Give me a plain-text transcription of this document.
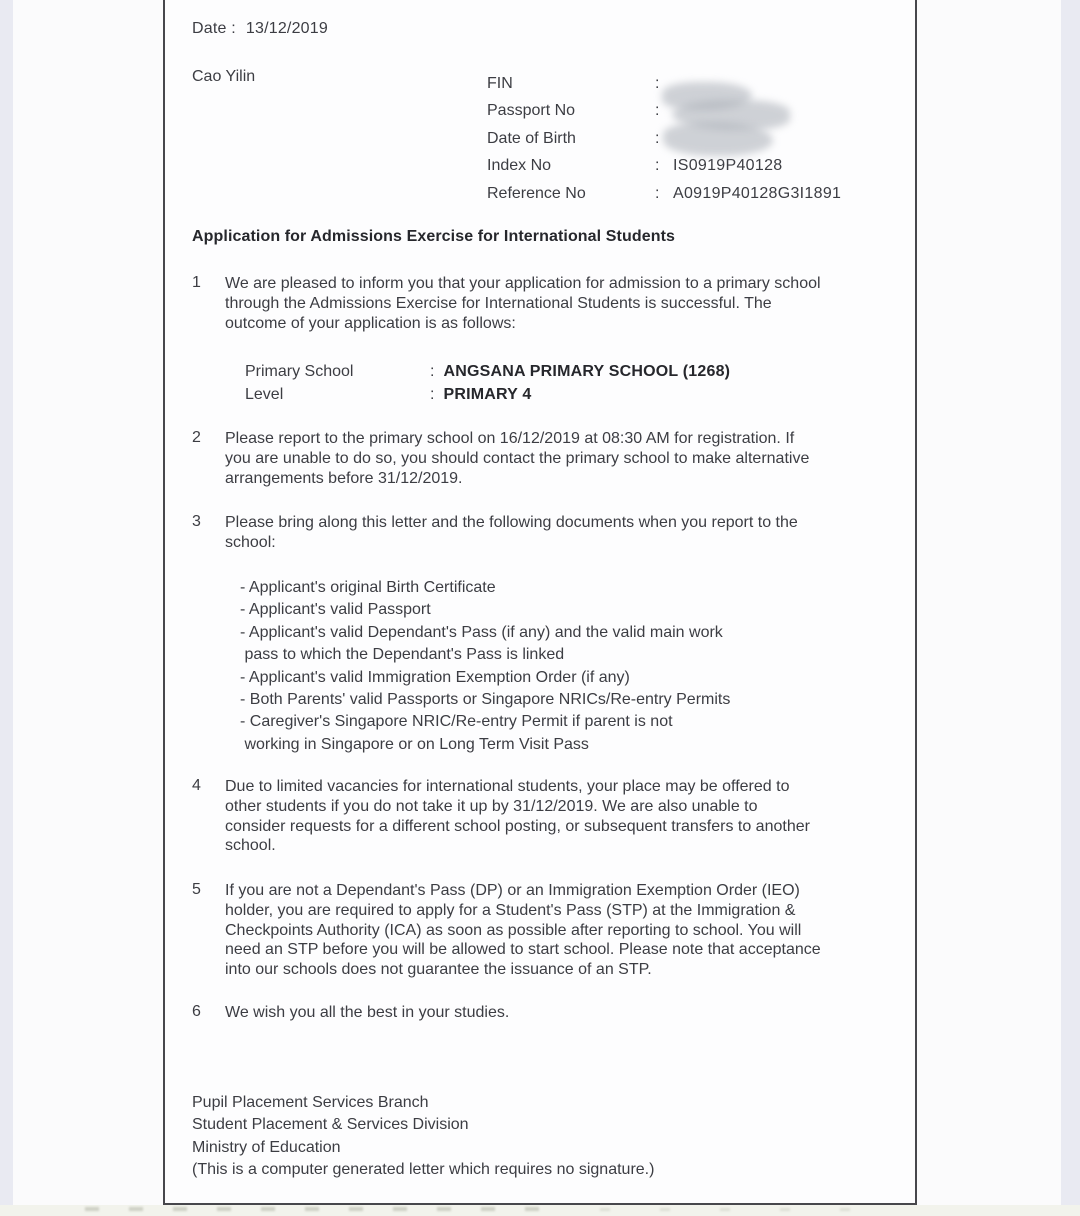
Date : 13/12/2019
Cao Yilin	FIN	:
Passport No	:
Date of Birth	:
Index No	: IS0919P40128
Reference No	: A0919P40128G3I1891
Application for Admissions Exercise for International Students
1 We are pleased to inform you that your application for admission to a primary school
through the Admissions Exercise for International Students is successful. The
outcome of your application is as follows:
Primary School	: ANGSANA PRIMARY SCHOOL (1268)
Level	: PRIMARY 4
2 Please report to the primary school on 16/12/2019 at 08:30 AM for registration. If
you are unable to do so, you should contact the primary school to make alternative
arrangements before 31/12/2019.
3 Please bring along this letter and the following documents when you report to the
school:
- Applicant's original Birth Certificate
- Applicant's valid Passport
- Applicant's valid Dependant's Pass (if any) and the valid main work
pass to which the Dependant's Pass is linked
- Applicant's valid Immigration Exemption Order (if any)
- Both Parents' valid Passports or Singapore NRICs/Re-entry Permits
- Caregiver's Singapore NRIC/Re-entry Permit if parent is not
working in Singapore or on Long Term Visit Pass
4 Due to limited vacancies for international students, your place may be offered to
other students if you do not take it up by 31/12/2019. We are also unable to
consider requests for a different school posting, or subsequent transfers to another
school.
5 If you are not a Dependant's Pass (DP) or an Immigration Exemption Order (IEO)
holder, you are required to apply for a Student's Pass (STP) at the Immigration &
Checkpoints Authority (ICA) as soon as possible after reporting to school. You will
need an STP before you will be allowed to start school. Please note that acceptance
into our schools does not guarantee the issuance of an STP.
6 We wish you all the best in your studies.
Pupil Placement Services Branch
Student Placement & Services Division
Ministry of Education
(This is a computer generated letter which requires no signature.)
